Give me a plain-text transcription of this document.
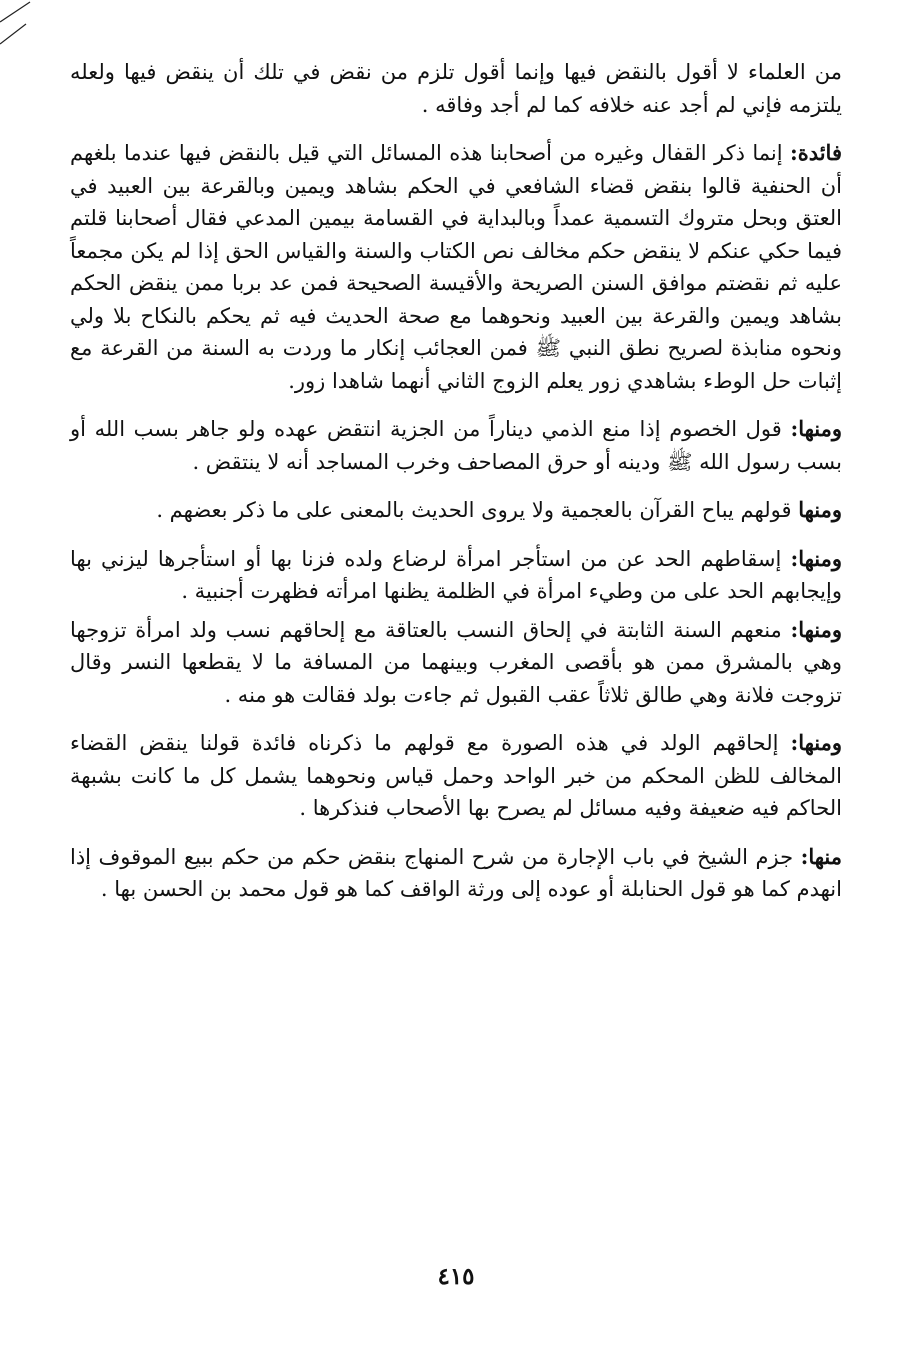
من العلماء لا أقول بالنقض فيها وإنما أقول تلزم من نقض في تلك أن ينقض فيها ولعله يلتزمه فإني لم أجد عنه خلافه كما لم أجد وفاقه .

فائدة: إنما ذكر القفال وغيره من أصحابنا هذه المسائل التي قيل بالنقض فيها عندما بلغهم أن الحنفية قالوا بنقض قضاء الشافعي في الحكم بشاهد ويمين وبالقرعة بين العبيد في العتق وبحل متروك التسمية عمداً وبالبداية في القسامة بيمين المدعي فقال أصحابنا قلتم فيما حكي عنكم لا ينقض حكم مخالف نص الكتاب والسنة والقياس الحق إذا لم يكن مجمعاً عليه ثم نقضتم موافق السنن الصريحة والأقيسة الصحيحة فمن عد بربا ممن ينقض الحكم بشاهد ويمين والقرعة بين العبيد ونحوهما مع صحة الحديث فيه ثم يحكم بالنكاح بلا ولي ونحوه منابذة لصريح نطق النبي ﷺ فمن العجائب إنكار ما وردت به السنة من القرعة مع إثبات حل الوطء بشاهدي زور يعلم الزوج الثاني أنهما شاهدا زور.

ومنها: قول الخصوم إذا منع الذمي ديناراً من الجزية انتقض عهده ولو جاهر بسب الله أو بسب رسول الله ﷺ ودينه أو حرق المصاحف وخرب المساجد أنه لا ينتقض .

ومنها قولهم يباح القرآن بالعجمية ولا يروى الحديث بالمعنى على ما ذكر بعضهم .

ومنها: إسقاطهم الحد عن من استأجر امرأة لرضاع ولده فزنا بها أو استأجرها ليزني بها وإيجابهم الحد على من وطيء امرأة في الظلمة يظنها امرأته فظهرت أجنبية .

ومنها: منعهم السنة الثابتة في إلحاق النسب بالعتاقة مع إلحاقهم نسب ولد امرأة تزوجها وهي بالمشرق ممن هو بأقصى المغرب وبينهما من المسافة ما لا يقطعها النسر وقال تزوجت فلانة وهي طالق ثلاثاً عقب القبول ثم جاءت بولد فقالت هو منه .

ومنها: إلحاقهم الولد في هذه الصورة مع قولهم ما ذكرناه فائدة قولنا ينقض القضاء المخالف للظن المحكم من خبر الواحد وحمل قياس ونحوهما يشمل كل ما كانت بشبهة الحاكم فيه ضعيفة وفيه مسائل لم يصرح بها الأصحاب فنذكرها .

منها: جزم الشيخ في باب الإجارة من شرح المنهاج بنقض حكم من حكم ببيع الموقوف إذا انهدم كما هو قول الحنابلة أو عوده إلى ورثة الواقف كما هو قول محمد بن الحسن بها .

٤١٥
